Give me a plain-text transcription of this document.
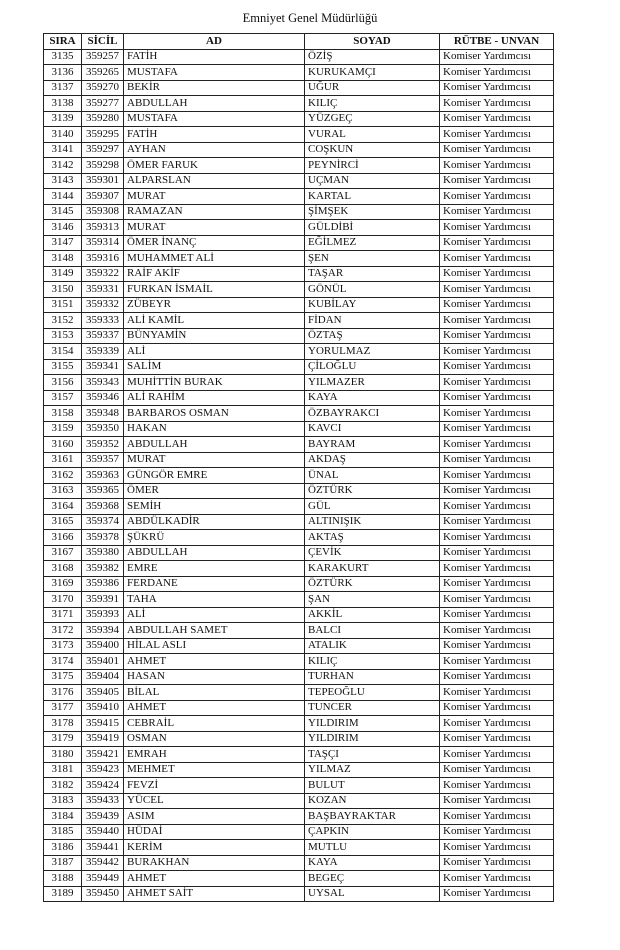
Emniyet Genel Müdürlüğü
SIRA	SİCİL	AD	SOYAD	RÜTBE - UNVAN
3135	359257	FATİH	ÖZİŞ	Komiser Yardımcısı
3136	359265	MUSTAFA	KURUKAMÇI	Komiser Yardımcısı
3137	359270	BEKİR	UĞUR	Komiser Yardımcısı
3138	359277	ABDULLAH	KILIÇ	Komiser Yardımcısı
3139	359280	MUSTAFA	YÜZGEÇ	Komiser Yardımcısı
3140	359295	FATİH	VURAL	Komiser Yardımcısı
3141	359297	AYHAN	COŞKUN	Komiser Yardımcısı
3142	359298	ÖMER FARUK	PEYNİRCİ	Komiser Yardımcısı
3143	359301	ALPARSLAN	UÇMAN	Komiser Yardımcısı
3144	359307	MURAT	KARTAL	Komiser Yardımcısı
3145	359308	RAMAZAN	ŞİMŞEK	Komiser Yardımcısı
3146	359313	MURAT	GÜLDİBİ	Komiser Yardımcısı
3147	359314	ÖMER İNANÇ	EĞİLMEZ	Komiser Yardımcısı
3148	359316	MUHAMMET ALİ	ŞEN	Komiser Yardımcısı
3149	359322	RAİF AKİF	TAŞAR	Komiser Yardımcısı
3150	359331	FURKAN İSMAİL	GÖNÜL	Komiser Yardımcısı
3151	359332	ZÜBEYR	KUBİLAY	Komiser Yardımcısı
3152	359333	ALİ KAMİL	FİDAN	Komiser Yardımcısı
3153	359337	BÜNYAMİN	ÖZTAŞ	Komiser Yardımcısı
3154	359339	ALİ	YORULMAZ	Komiser Yardımcısı
3155	359341	SALİM	ÇİLOĞLU	Komiser Yardımcısı
3156	359343	MUHİTTİN BURAK	YILMAZER	Komiser Yardımcısı
3157	359346	ALİ RAHİM	KAYA	Komiser Yardımcısı
3158	359348	BARBAROS OSMAN	ÖZBAYRAKCI	Komiser Yardımcısı
3159	359350	HAKAN	KAVCI	Komiser Yardımcısı
3160	359352	ABDULLAH	BAYRAM	Komiser Yardımcısı
3161	359357	MURAT	AKDAŞ	Komiser Yardımcısı
3162	359363	GÜNGÖR EMRE	ÜNAL	Komiser Yardımcısı
3163	359365	ÖMER	ÖZTÜRK	Komiser Yardımcısı
3164	359368	SEMİH	GÜL	Komiser Yardımcısı
3165	359374	ABDÜLKADİR	ALTINIŞIK	Komiser Yardımcısı
3166	359378	ŞÜKRÜ	AKTAŞ	Komiser Yardımcısı
3167	359380	ABDULLAH	ÇEVİK	Komiser Yardımcısı
3168	359382	EMRE	KARAKURT	Komiser Yardımcısı
3169	359386	FERDANE	ÖZTÜRK	Komiser Yardımcısı
3170	359391	TAHA	ŞAN	Komiser Yardımcısı
3171	359393	ALİ	AKKİL	Komiser Yardımcısı
3172	359394	ABDULLAH SAMET	BALCI	Komiser Yardımcısı
3173	359400	HİLAL ASLI	ATALIK	Komiser Yardımcısı
3174	359401	AHMET	KILIÇ	Komiser Yardımcısı
3175	359404	HASAN	TURHAN	Komiser Yardımcısı
3176	359405	BİLAL	TEPEOĞLU	Komiser Yardımcısı
3177	359410	AHMET	TUNCER	Komiser Yardımcısı
3178	359415	CEBRAİL	YILDIRIM	Komiser Yardımcısı
3179	359419	OSMAN	YILDIRIM	Komiser Yardımcısı
3180	359421	EMRAH	TAŞÇI	Komiser Yardımcısı
3181	359423	MEHMET	YILMAZ	Komiser Yardımcısı
3182	359424	FEVZİ	BULUT	Komiser Yardımcısı
3183	359433	YÜCEL	KOZAN	Komiser Yardımcısı
3184	359439	ASIM	BAŞBAYRAKTAR	Komiser Yardımcısı
3185	359440	HÜDAİ	ÇAPKIN	Komiser Yardımcısı
3186	359441	KERİM	MUTLU	Komiser Yardımcısı
3187	359442	BURAKHAN	KAYA	Komiser Yardımcısı
3188	359449	AHMET	BEGEÇ	Komiser Yardımcısı
3189	359450	AHMET SAİT	UYSAL	Komiser Yardımcısı
